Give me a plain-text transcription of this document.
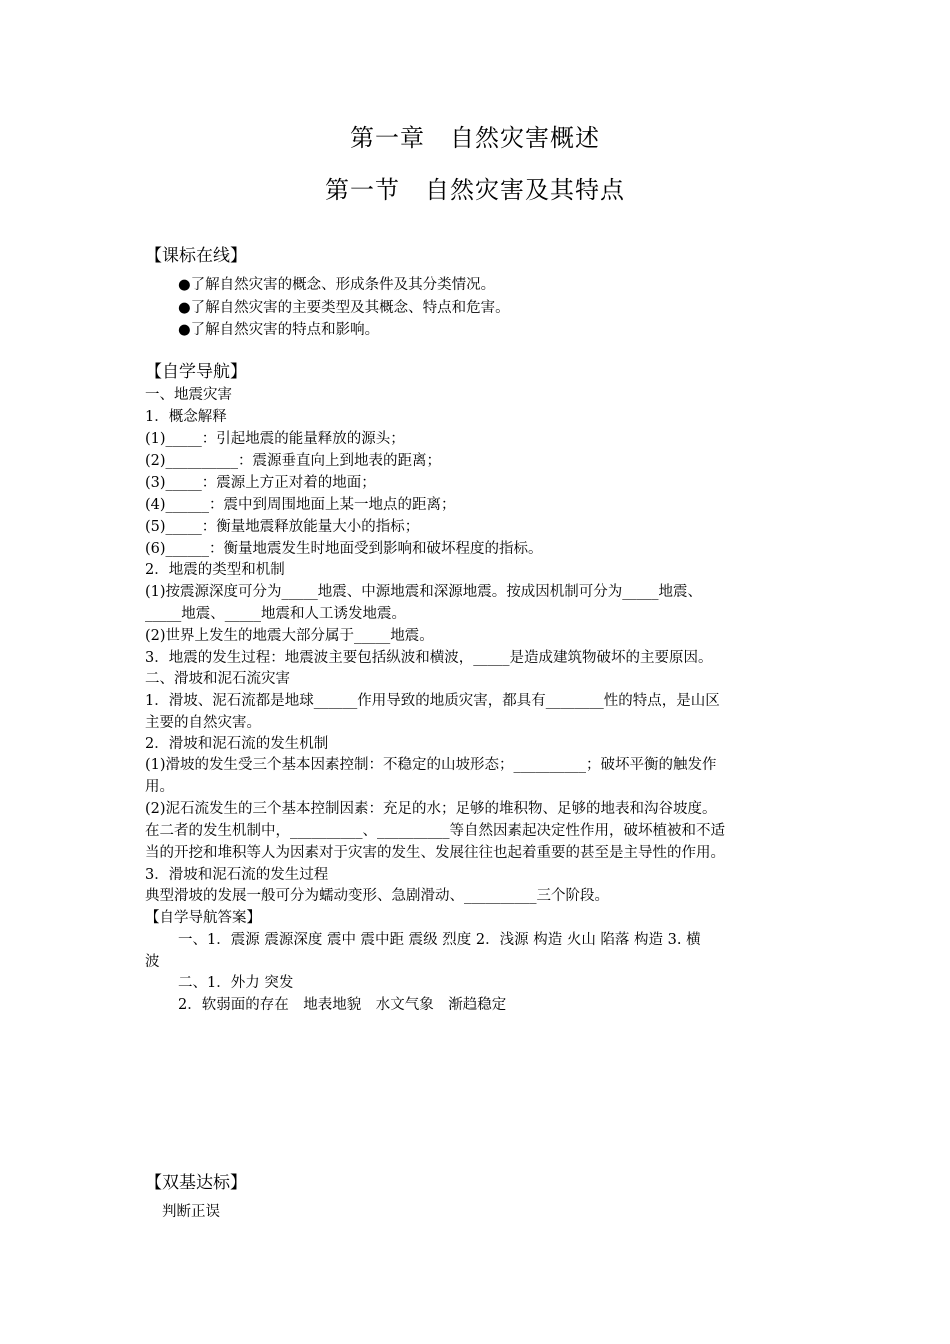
第一章　自然灾害概述
第一节　自然灾害及其特点
【课标在线】
●了解自然灾害的概念、形成条件及其分类情况。
●了解自然灾害的主要类型及其概念、特点和危害。
●了解自然灾害的特点和影响。
【自学导航】
一、地震灾害
1．概念解释
(1)_____：引起地震的能量释放的源头；
(2)__________：震源垂直向上到地表的距离；
(3)_____：震源上方正对着的地面；
(4)______：震中到周围地面上某一地点的距离；
(5)_____：衡量地震释放能量大小的指标；
(6)______：衡量地震发生时地面受到影响和破坏程度的指标。
2．地震的类型和机制
(1)按震源深度可分为_____地震、中源地震和深源地震。按成因机制可分为_____地震、
_____地震、_____地震和人工诱发地震。
(2)世界上发生的地震大部分属于_____地震。
3．地震的发生过程：地震波主要包括纵波和横波，_____是造成建筑物破坏的主要原因。
二、滑坡和泥石流灾害
1．滑坡、泥石流都是地球______作用导致的地质灾害，都具有________性的特点，是山区
主要的自然灾害。
2．滑坡和泥石流的发生机制
(1)滑坡的发生受三个基本因素控制：不稳定的山坡形态；__________；破坏平衡的触发作
用。
(2)泥石流发生的三个基本控制因素：充足的水；足够的堆积物、足够的地表和沟谷坡度。
在二者的发生机制中，__________、__________等自然因素起决定性作用，破坏植被和不适
当的开挖和堆积等人为因素对于灾害的发生、发展往往也起着重要的甚至是主导性的作用。
3．滑坡和泥石流的发生过程
典型滑坡的发展一般可分为蠕动变形、急剧滑动、__________三个阶段。
【自学导航答案】
一、1．震源 震源深度 震中 震中距 震级 烈度 2．浅源 构造 火山 陷落 构造 3. 横
波
二、1．外力 突发
2．软弱面的存在　地表地貌　水文气象　渐趋稳定
【双基达标】
判断正误
